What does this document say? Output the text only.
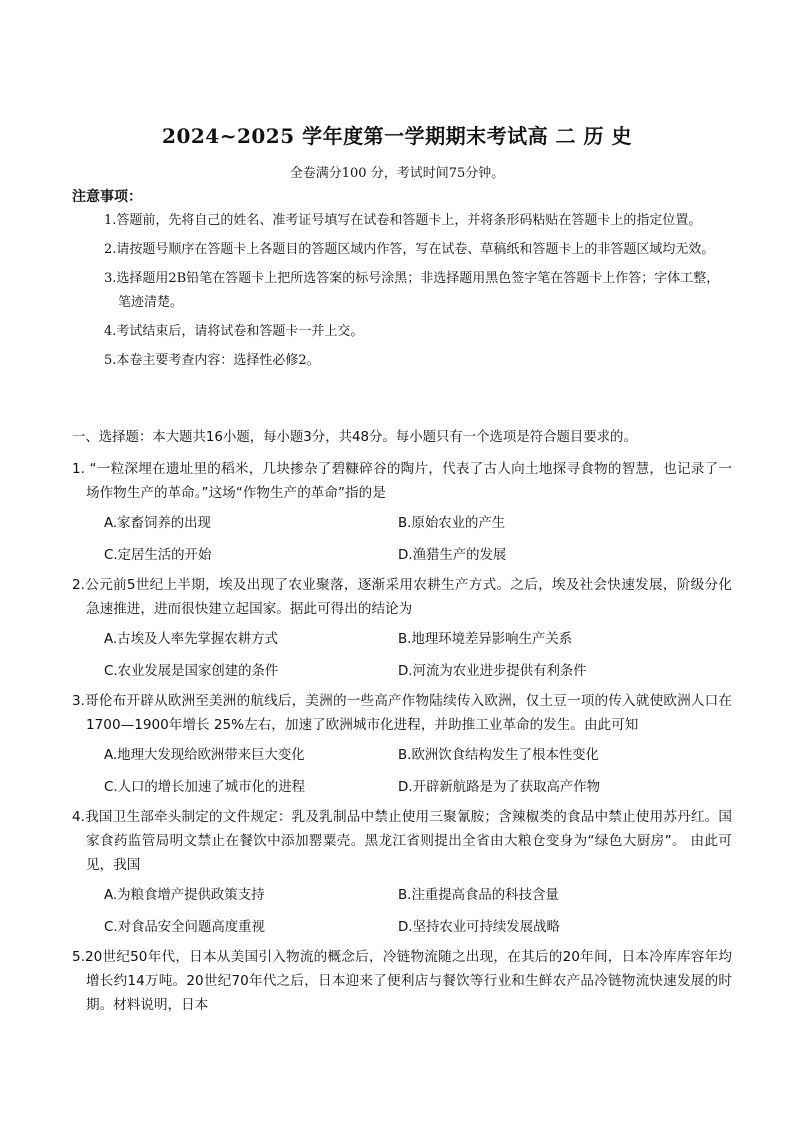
2024~2025 学年度第一学期期末考试高 二 历 史
全卷满分100 分，考试时间75分钟。
注意事项：
1.答题前，先将自己的姓名、准考证号填写在试卷和答题卡上，并将条形码粘贴在答题卡上的指定位置。
2.请按题号顺序在答题卡上各题目的答题区域内作答，写在试卷、草稿纸和答题卡上的非答题区域均无效。
3.选择题用2B铅笔在答题卡上把所选答案的标号涂黑；非选择题用黑色签字笔在答题卡上作答；字体工整，笔迹清楚。
4.考试结束后，请将试卷和答题卡一并上交。
5.本卷主要考查内容：选择性必修2。
一、选择题：本大题共16小题，每小题3分，共48分。每小题只有一个选项是符合题目要求的。
1. “一粒深埋在遗址里的稻米，几块掺杂了碧糠碎谷的陶片，代表了古人向土地探寻食物的智慧，也记录了一场作物生产的革命。”这场“作物生产的革命”指的是
A.家畜饲养的出现	B.原始农业的产生
C.定居生活的开始	D.渔猎生产的发展
2.公元前5世纪上半期，埃及出现了农业聚落，逐渐采用农耕生产方式。之后，埃及社会快速发展，阶级分化急速推进，进而很快建立起国家。据此可得出的结论为
A.古埃及人率先掌握农耕方式	B.地理环境差异影响生产关系
C.农业发展是国家创建的条件	D.河流为农业进步提供有利条件
3.哥伦布开辟从欧洲至美洲的航线后，美洲的一些高产作物陆续传入欧洲，仅土豆一项的传入就使欧洲人口在1700—1900年增长 25%左右，加速了欧洲城市化进程，并助推工业革命的发生。由此可知
A.地理大发现给欧洲带来巨大变化	B.欧洲饮食结构发生了根本性变化
C.人口的增长加速了城市化的进程	D.开辟新航路是为了获取高产作物
4.我国卫生部牵头制定的文件规定：乳及乳制品中禁止使用三聚氰胺；含辣椒类的食品中禁止使用苏丹红。国家食药监管局明文禁止在餐饮中添加罂粟壳。黑龙江省则提出全省由大粮仓变身为“绿色大厨房”。 由此可见，我国
A.为粮食增产提供政策支持	B.注重提高食品的科技含量
C.对食品安全问题高度重视	D.坚持农业可持续发展战略
5.20世纪50年代，日本从美国引入物流的概念后，冷链物流随之出现，在其后的20年间，日本冷库库容年均增长约14万吨。20世纪70年代之后，日本迎来了便利店与餐饮等行业和生鲜农产品冷链物流快速发展的时期。材料说明，日本
